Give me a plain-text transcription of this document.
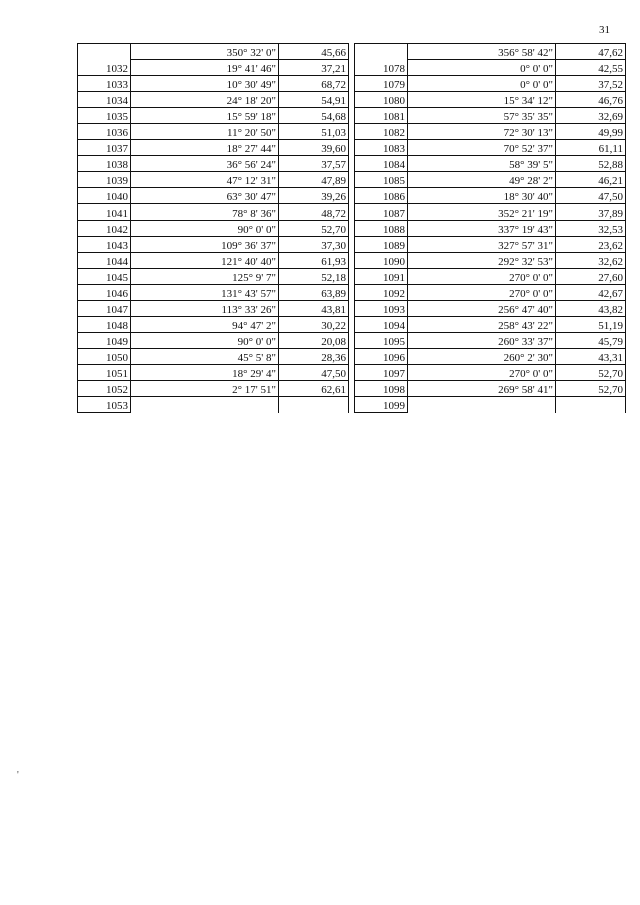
31
'
	350° 32' 0"	45,66
1032	19° 41' 46"	37,21
1033	10° 30' 49"	68,72
1034	24° 18' 20"	54,91
1035	15° 59' 18"	54,68
1036	11° 20' 50"	51,03
1037	18° 27' 44"	39,60
1038	36° 56' 24"	37,57
1039	47° 12' 31"	47,89
1040	63° 30' 47"	39,26
1041	78° 8' 36"	48,72
1042	90° 0' 0"	52,70
1043	109° 36' 37"	37,30
1044	121° 40' 40"	61,93
1045	125° 9' 7"	52,18
1046	131° 43' 57"	63,89
1047	113° 33' 26"	43,81
1048	94° 47' 2"	30,22
1049	90° 0' 0"	20,08
1050	45° 5' 8"	28,36
1051	18° 29' 4"	47,50
1052	2° 17' 51"	62,61
1053		
	356° 58' 42"	47,62
1078	0° 0' 0"	42,55
1079	0° 0' 0"	37,52
1080	15° 34' 12"	46,76
1081	57° 35' 35"	32,69
1082	72° 30' 13"	49,99
1083	70° 52' 37"	61,11
1084	58° 39' 5"	52,88
1085	49° 28' 2"	46,21
1086	18° 30' 40"	47,50
1087	352° 21' 19"	37,89
1088	337° 19' 43"	32,53
1089	327° 57' 31"	23,62
1090	292° 32' 53"	32,62
1091	270° 0' 0"	27,60
1092	270° 0' 0"	42,67
1093	256° 47' 40"	43,82
1094	258° 43' 22"	51,19
1095	260° 33' 37"	45,79
1096	260° 2' 30"	43,31
1097	270° 0' 0"	52,70
1098	269° 58' 41"	52,70
1099		
